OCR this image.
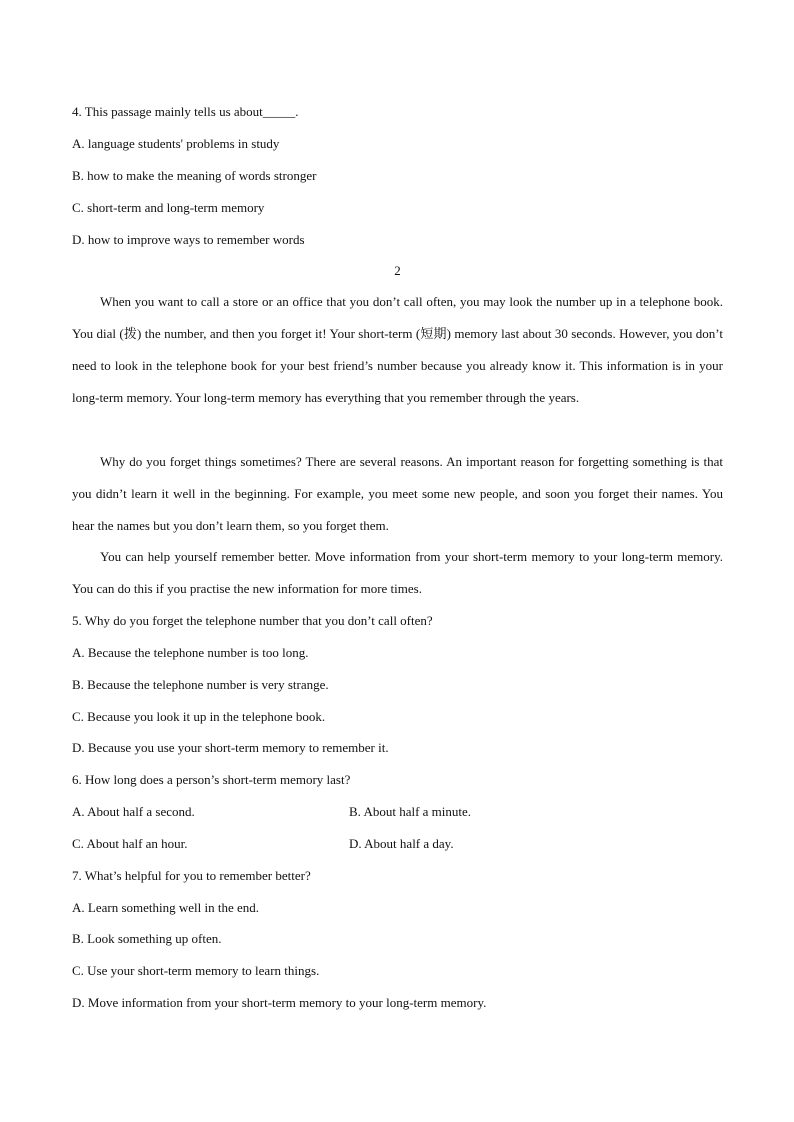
4. This passage mainly tells us about_____.
A. language students' problems in study
B. how to make the meaning of words stronger
C. short-term and long-term memory
D. how to improve ways to remember words
2
When you want to call a store or an office that you don’t call often, you may look the number up in a telephone book. You dial (拨) the number, and then you forget it! Your short-term (短期) memory last about 30 seconds. However, you don’t need to look in the telephone book for your best friend’s number because you already know it. This information is in your long-term memory. Your long-term memory has everything that you remember through the years.
Why do you forget things sometimes? There are several reasons. An important reason for forgetting something is that you didn’t learn it well in the beginning. For example, you meet some new people, and soon you forget their names. You hear the names but you don’t learn them, so you forget them.
You can help yourself remember better. Move information from your short-term memory to your long-term memory. You can do this if you practise the new information for more times.
5. Why do you forget the telephone number that you don’t call often?
A. Because the telephone number is too long.
B. Because the telephone number is very strange.
C. Because you look it up in the telephone book.
D. Because you use your short-term memory to remember it.
6. How long does a person’s short-term memory last?
A. About half a second.	B. About half a minute.
C. About half an hour.	D. About half a day.
7. What’s helpful for you to remember better?
A. Learn something well in the end.
B. Look something up often.
C. Use your short-term memory to learn things.
D. Move information from your short-term memory to your long-term memory.
